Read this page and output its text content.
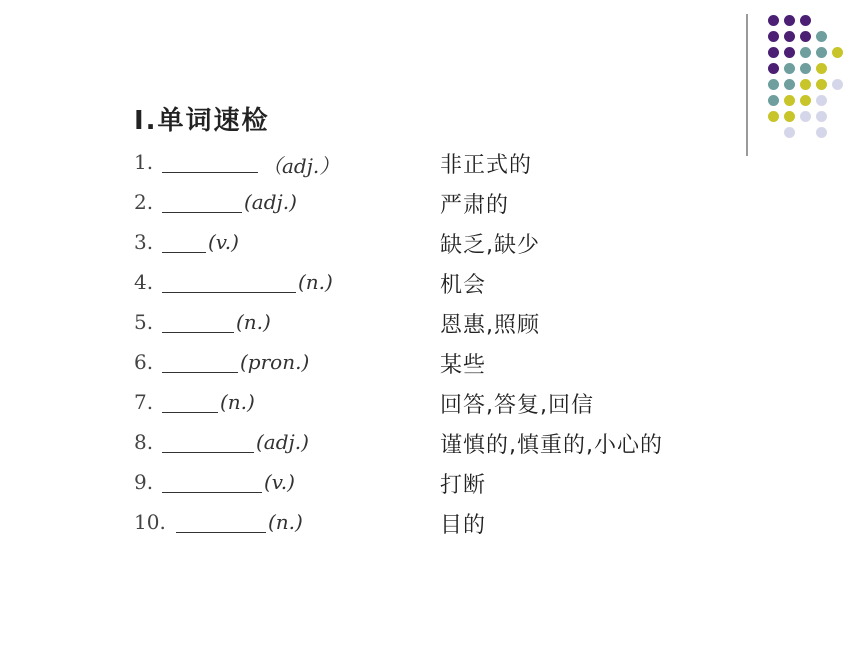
Ⅰ.单词速检
1.	（adj.）	非正式的
2.	(adj.)	严肃的
3.	(v.)	缺乏,缺少
4.	(n.)	机会
5.	(n.)	恩惠,照顾
6.	(pron.)	某些
7.	(n.)	回答,答复,回信
8.	(adj.)	谨慎的,慎重的,小心的
9.	(v.)	打断
10.	(n.)	目的
